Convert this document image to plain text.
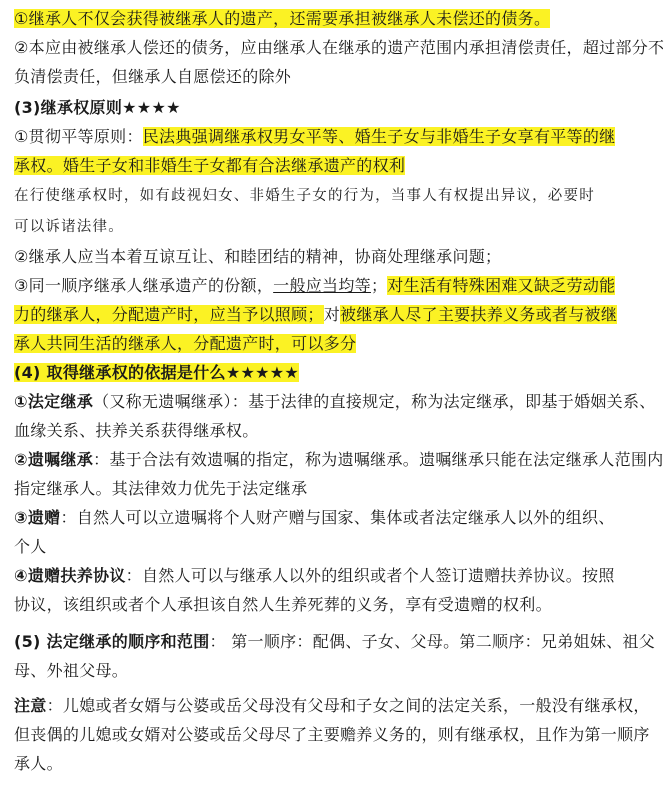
①继承人不仅会获得被继承人的遗产，还需要承担被继承人未偿还的债务。
②本应由被继承人偿还的债务，应由继承人在继承的遗产范围内承担清偿责任，超过部分不
负清偿责任，但继承人自愿偿还的除外
(3)继承权原则★★★★
①贯彻平等原则：民法典强调继承权男女平等、婚生子女与非婚生子女享有平等的继
承权。婚生子女和非婚生子女都有合法继承遗产的权利
在行使继承权时，如有歧视妇女、非婚生子女的行为，当事人有权提出异议，必要时
可以诉诸法律。
②继承人应当本着互谅互让、和睦团结的精神，协商处理继承问题；
③同一顺序继承人继承遗产的份额，一般应当均等；对生活有特殊困难又缺乏劳动能
力的继承人，分配遗产时，应当予以照顾；对被继承人尽了主要扶养义务或者与被继
承人共同生活的继承人，分配遗产时，可以多分
(4) 取得继承权的依据是什么★★★★★
①法定继承（又称无遗嘱继承）：基于法律的直接规定，称为法定继承，即基于婚姻关系、
血缘关系、扶养关系获得继承权。
②遗嘱继承：基于合法有效遗嘱的指定，称为遗嘱继承。遗嘱继承只能在法定继承人范围内
指定继承人。其法律效力优先于法定继承
③遗赠：自然人可以立遗嘱将个人财产赠与国家、集体或者法定继承人以外的组织、
个人
④遗赠扶养协议：自然人可以与继承人以外的组织或者个人签订遗赠扶养协议。按照
协议，该组织或者个人承担该自然人生养死葬的义务，享有受遗赠的权利。
(5) 法定继承的顺序和范围： 第一顺序：配偶、子女、父母。第二顺序：兄弟姐妹、祖父
母、外祖父母。
注意：儿媳或者女婿与公婆或岳父母没有父母和子女之间的法定关系，一般没有继承权，
但丧偶的儿媳或女婿对公婆或岳父母尽了主要赡养义务的，则有继承权，且作为第一顺序
承人。
